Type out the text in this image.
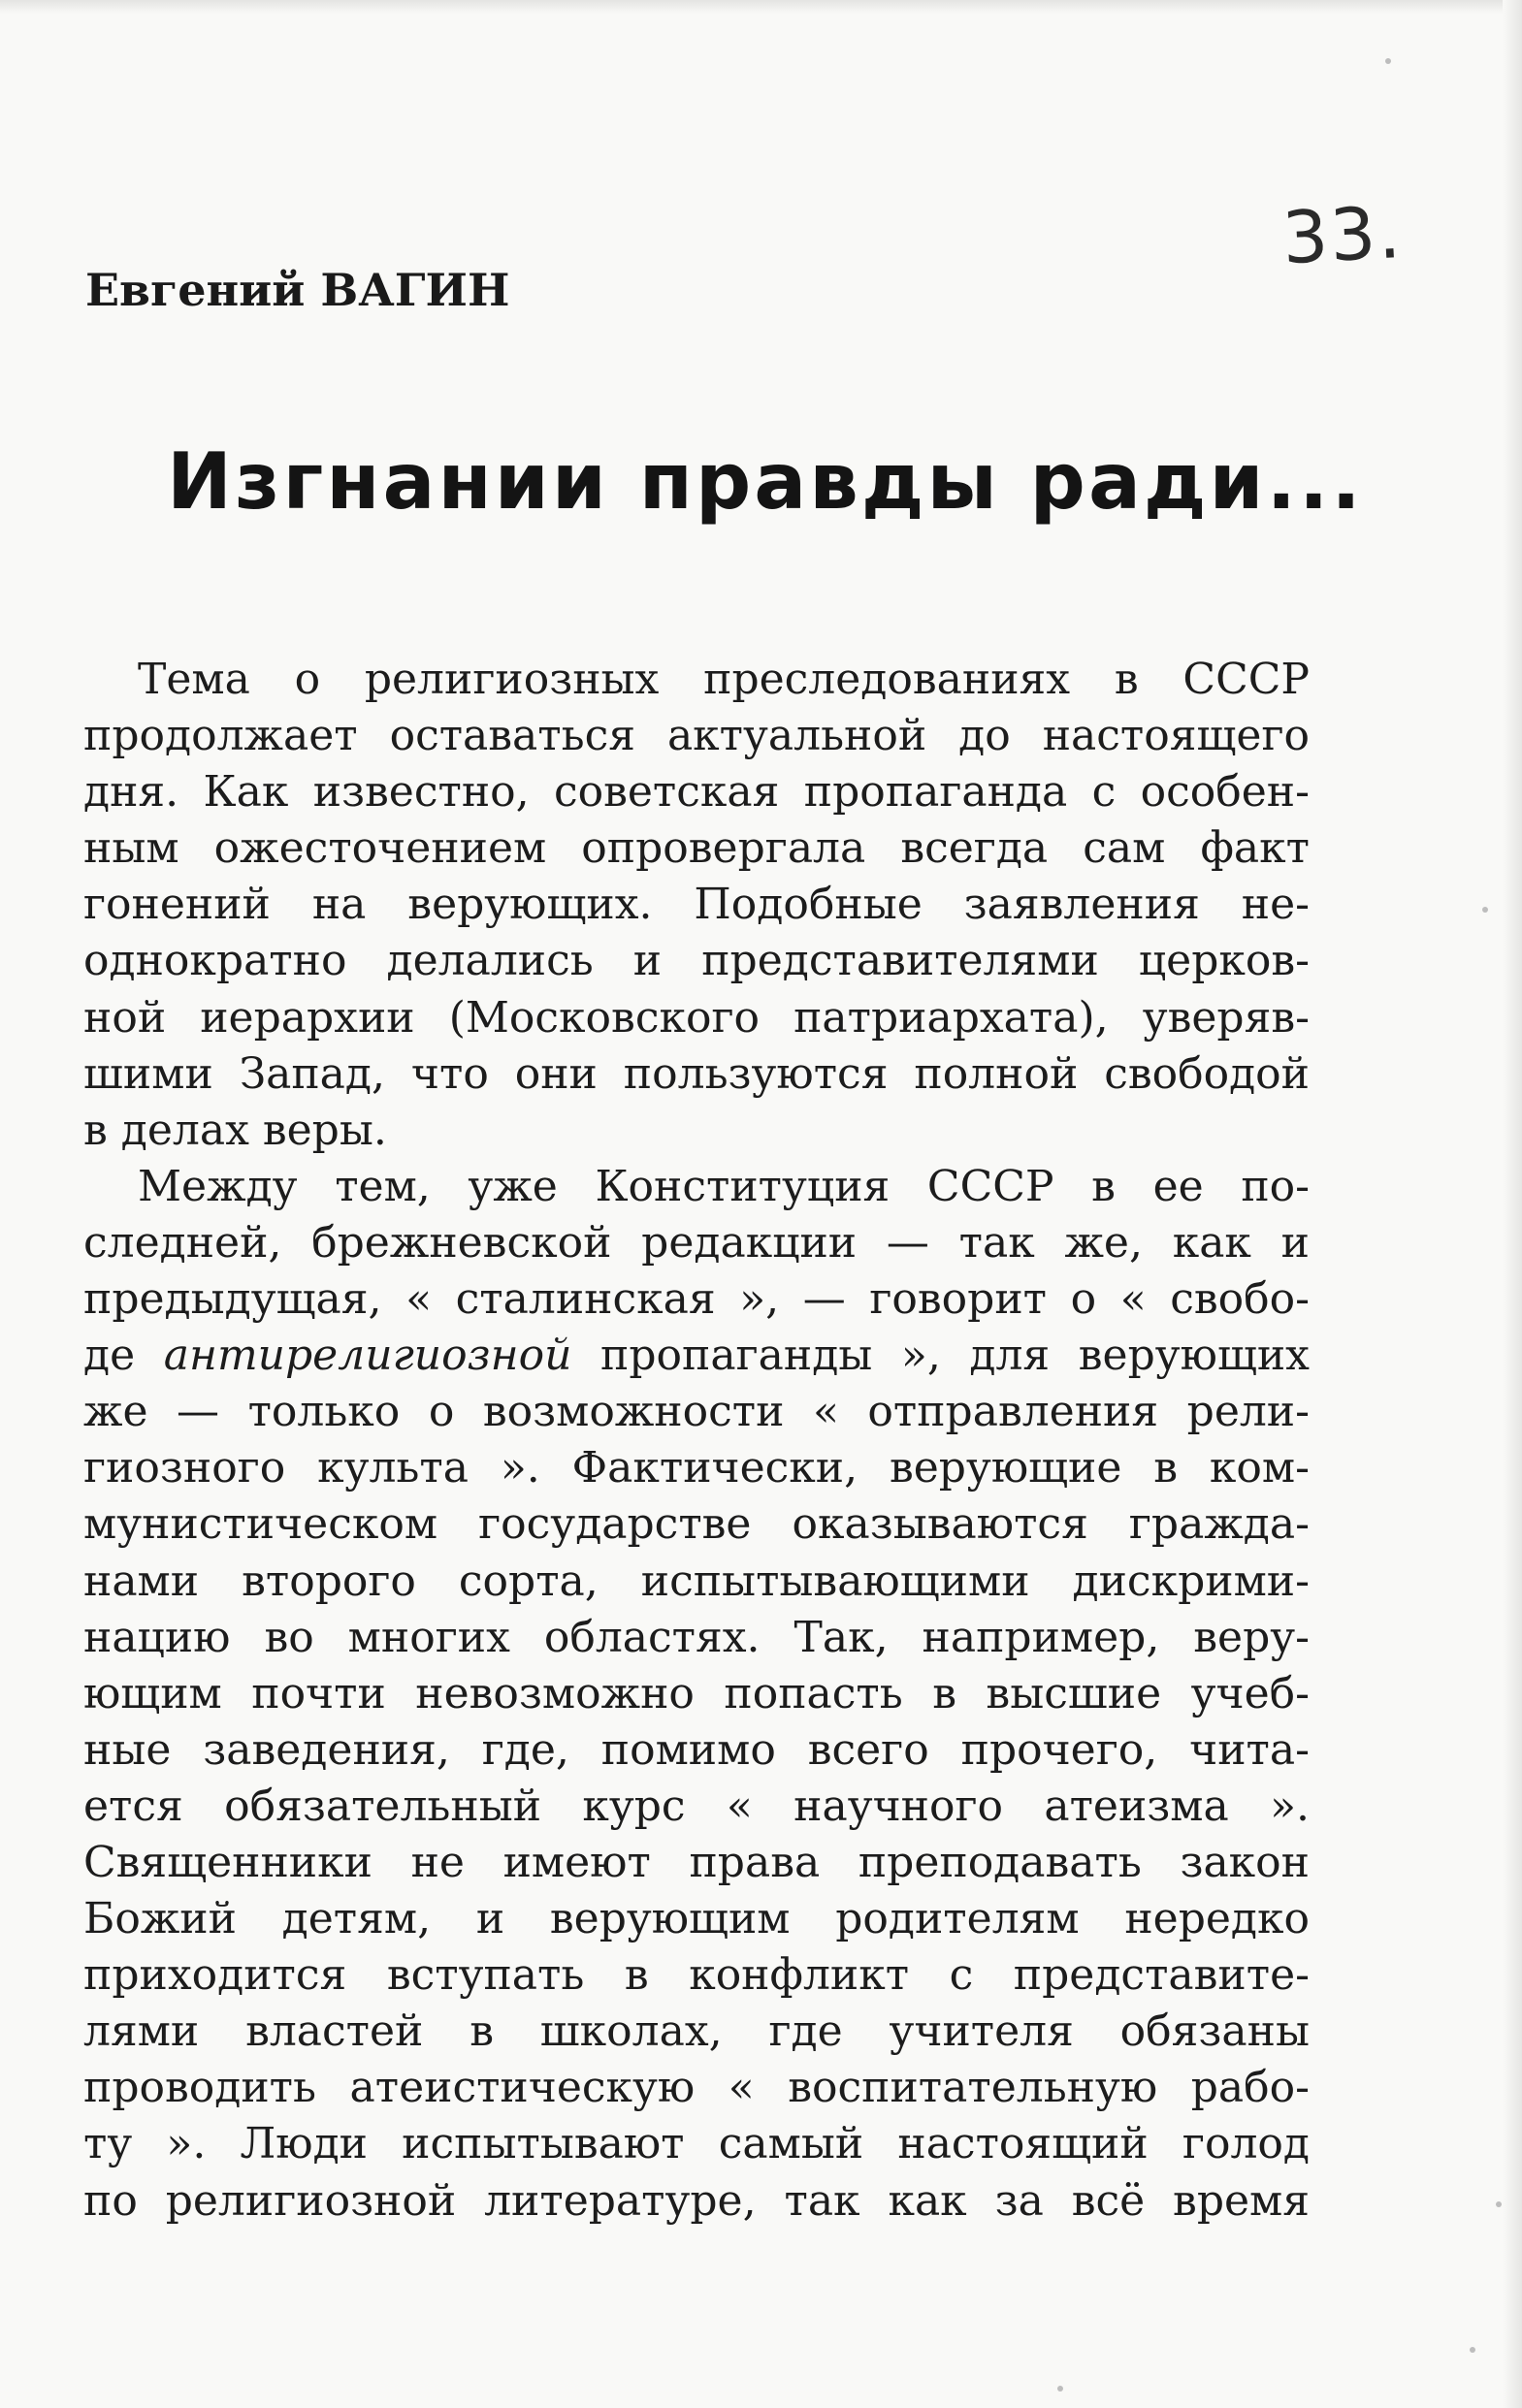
33.
Евгений ВАГИН
Изгнании правды ради...
Тема о религиозных преследованиях в СССР
продолжает оставаться актуальной до настоящего
дня. Как известно, советская пропаганда с особен-
ным ожесточением опровергала всегда сам факт
гонений на верующих. Подобные заявления не-
однократно делались и представителями церков-
ной иерархии (Московского патриархата), уверяв-
шими Запад, что они пользуются полной свободой
в делах веры.
Между тем, уже Конституция СССР в ее по-
следней, брежневской редакции — так же, как и
предыдущая, « сталинская », — говорит о « свобо-
де антирелигиозной пропаганды », для верующих
же — только о возможности « отправления рели-
гиозного культа ». Фактически, верующие в ком-
мунистическом государстве оказываются гражда-
нами второго сорта, испытывающими дискрими-
нацию во многих областях. Так, например, веру-
ющим почти невозможно попасть в высшие учеб-
ные заведения, где, помимо всего прочего, чита-
ется обязательный курс « научного атеизма ».
Священники не имеют права преподавать закон
Божий детям, и верующим родителям нередко
приходится вступать в конфликт с представите-
лями властей в школах, где учителя обязаны
проводить атеистическую « воспитательную рабо-
ту ». Люди испытывают самый настоящий голод
по религиозной литературе, так как за всё время
